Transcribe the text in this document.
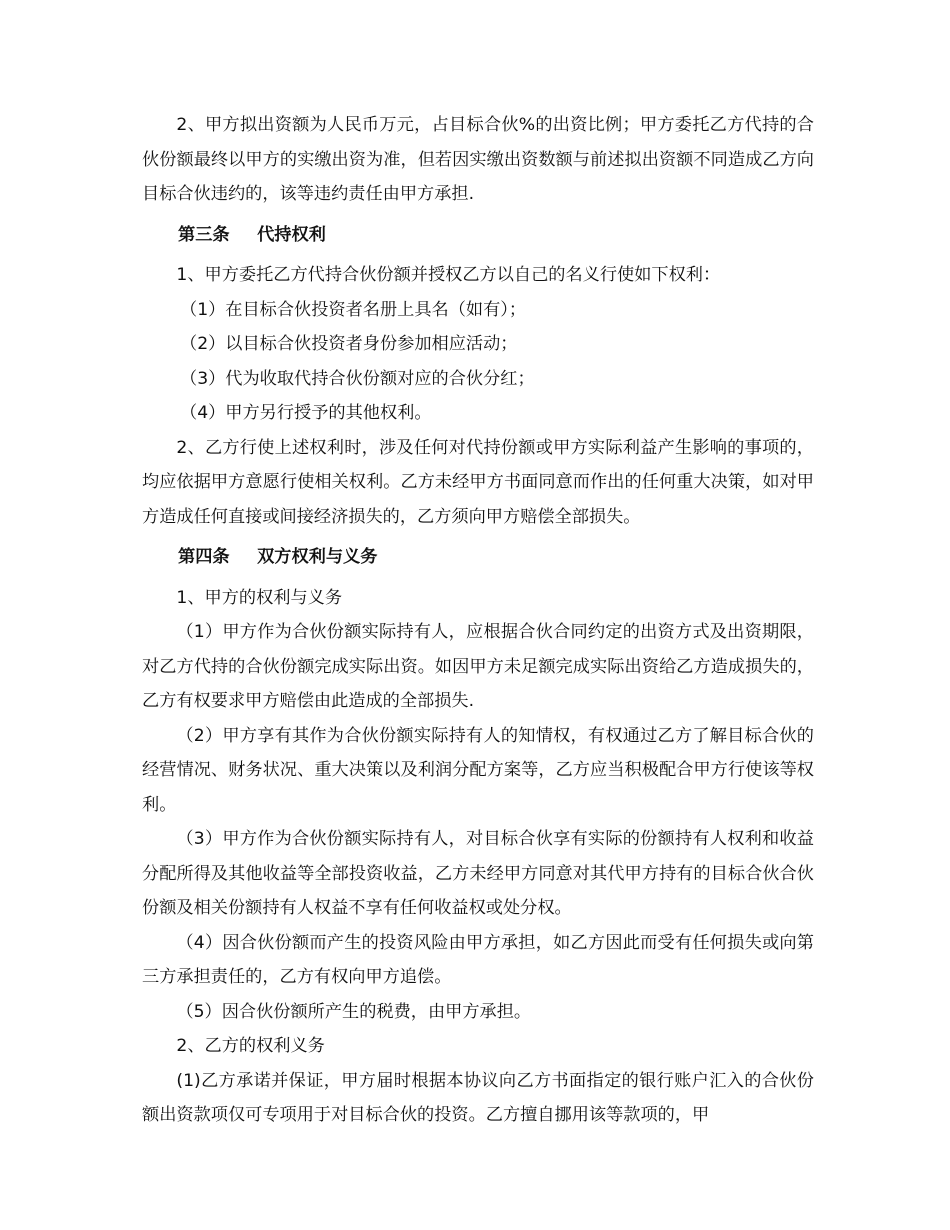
2、甲方拟出资额为人民币万元，占目标合伙%的出资比例；甲方委托乙方代持的合伙份额最终以甲方的实缴出资为准，但若因实缴出资数额与前述拟出资额不同造成乙方向目标合伙违约的，该等违约责任由甲方承担.

第三条 代持权利

1、甲方委托乙方代持合伙份额并授权乙方以自己的名义行使如下权利：

（1）在目标合伙投资者名册上具名（如有）；

（2）以目标合伙投资者身份参加相应活动；

（3）代为收取代持合伙份额对应的合伙分红；

（4）甲方另行授予的其他权利。

2、乙方行使上述权利时，涉及任何对代持份额或甲方实际利益产生影响的事项的，均应依据甲方意愿行使相关权利。乙方未经甲方书面同意而作出的任何重大决策，如对甲方造成任何直接或间接经济损失的，乙方须向甲方赔偿全部损失。

第四条 双方权利与义务

1、甲方的权利与义务

（1）甲方作为合伙份额实际持有人，应根据合伙合同约定的出资方式及出资期限，对乙方代持的合伙份额完成实际出资。如因甲方未足额完成实际出资给乙方造成损失的，乙方有权要求甲方赔偿由此造成的全部损失.

（2）甲方享有其作为合伙份额实际持有人的知情权，有权通过乙方了解目标合伙的经营情况、财务状况、重大决策以及利润分配方案等，乙方应当积极配合甲方行使该等权利。

（3）甲方作为合伙份额实际持有人，对目标合伙享有实际的份额持有人权利和收益分配所得及其他收益等全部投资收益，乙方未经甲方同意对其代甲方持有的目标合伙合伙份额及相关份额持有人权益不享有任何收益权或处分权。

（4）因合伙份额而产生的投资风险由甲方承担，如乙方因此而受有任何损失或向第三方承担责任的，乙方有权向甲方追偿。

（5）因合伙份额所产生的税费，由甲方承担。

2、乙方的权利义务

(1)乙方承诺并保证，甲方届时根据本协议向乙方书面指定的银行账户汇入的合伙份额出资款项仅可专项用于对目标合伙的投资。乙方擅自挪用该等款项的，甲
